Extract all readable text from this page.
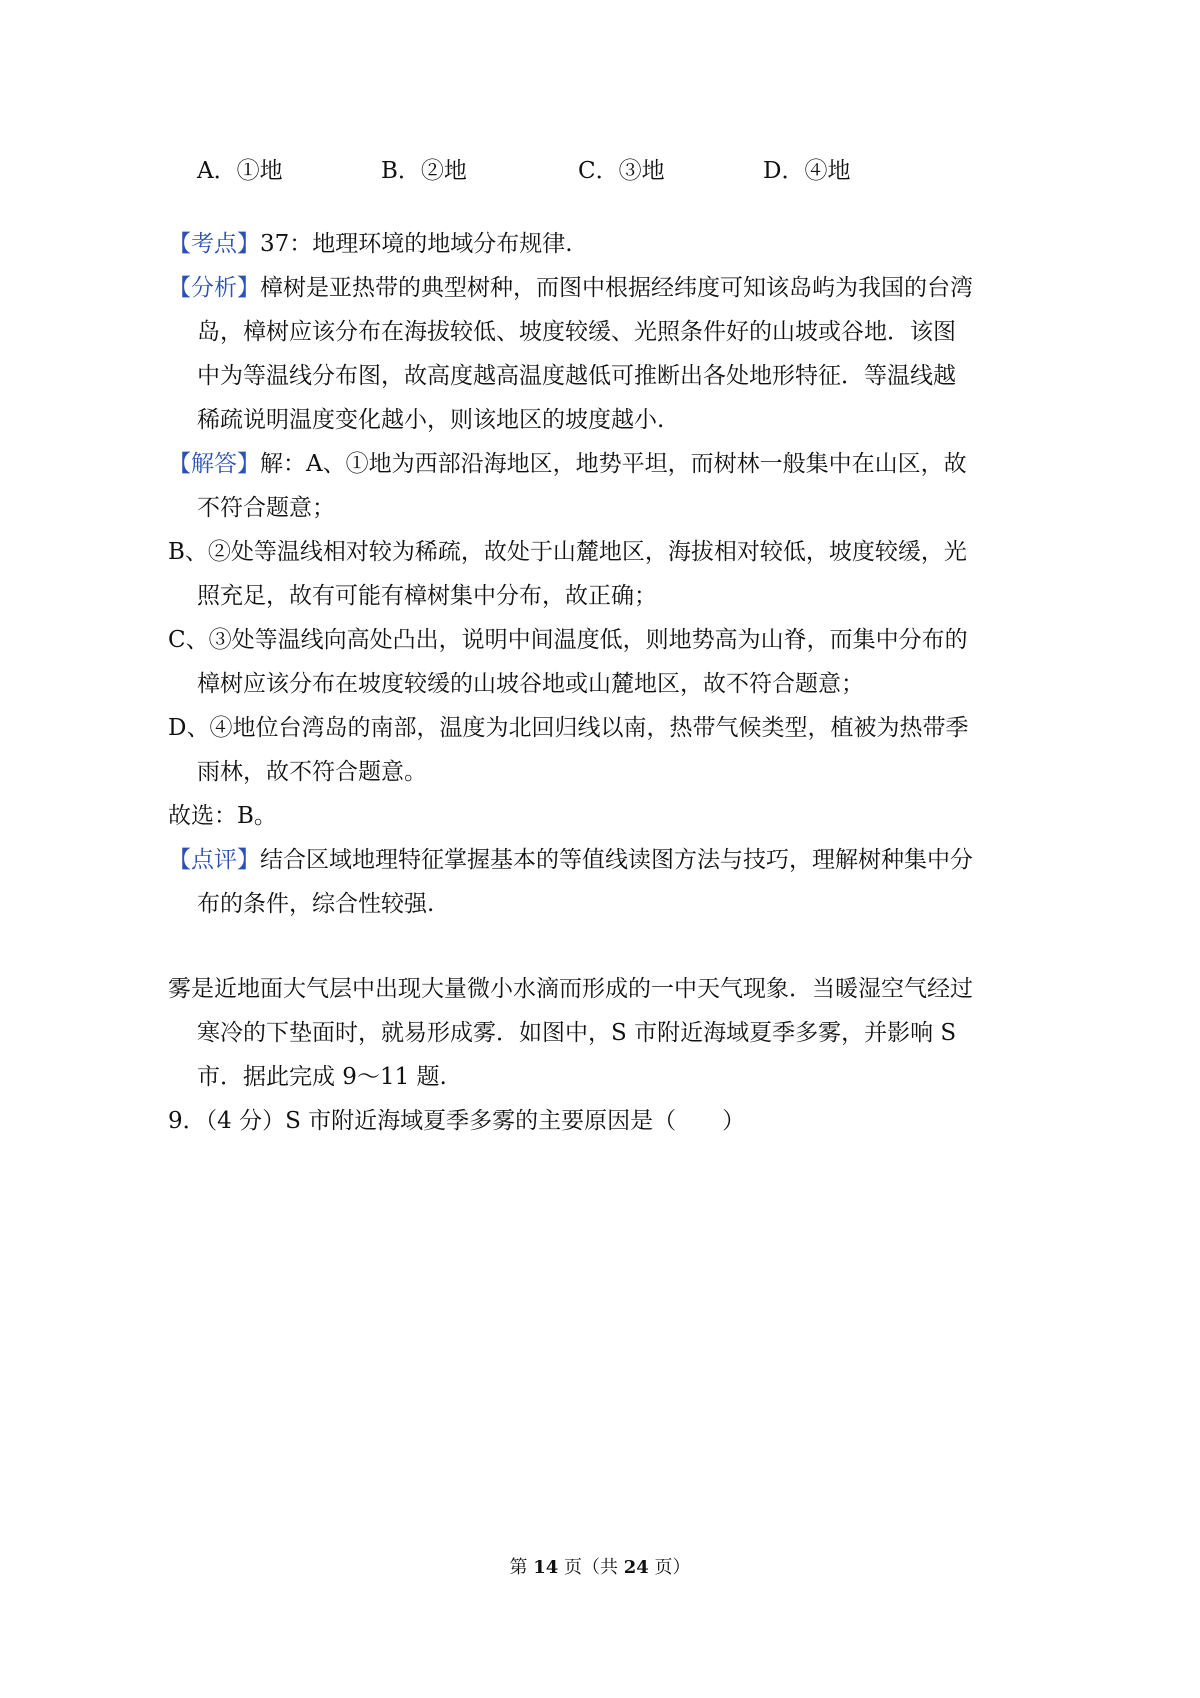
A．①地	B．②地	C．③地	D．④地
【考点】37：地理环境的地域分布规律.
【分析】樟树是亚热带的典型树种，而图中根据经纬度可知该岛屿为我国的台湾
岛，樟树应该分布在海拔较低、坡度较缓、光照条件好的山坡或谷地．该图
中为等温线分布图，故高度越高温度越低可推断出各处地形特征．等温线越
稀疏说明温度变化越小，则该地区的坡度越小.
【解答】解：A、①地为西部沿海地区，地势平坦，而树林一般集中在山区，故
不符合题意；
B、②处等温线相对较为稀疏，故处于山麓地区，海拔相对较低，坡度较缓，光
照充足，故有可能有樟树集中分布，故正确；
C、③处等温线向高处凸出，说明中间温度低，则地势高为山脊，而集中分布的
樟树应该分布在坡度较缓的山坡谷地或山麓地区，故不符合题意；
D、④地位台湾岛的南部，温度为北回归线以南，热带气候类型，植被为热带季
雨林，故不符合题意。
故选：B。
【点评】结合区域地理特征掌握基本的等值线读图方法与技巧，理解树种集中分
布的条件，综合性较强.
雾是近地面大气层中出现大量微小水滴而形成的一中天气现象．当暖湿空气经过
寒冷的下垫面时，就易形成雾．如图中，S 市附近海域夏季多雾，并影响 S
市．据此完成 9～11 题.
9．（4 分）S 市附近海域夏季多雾的主要原因是（　　）
第 14 页（共 24 页）
